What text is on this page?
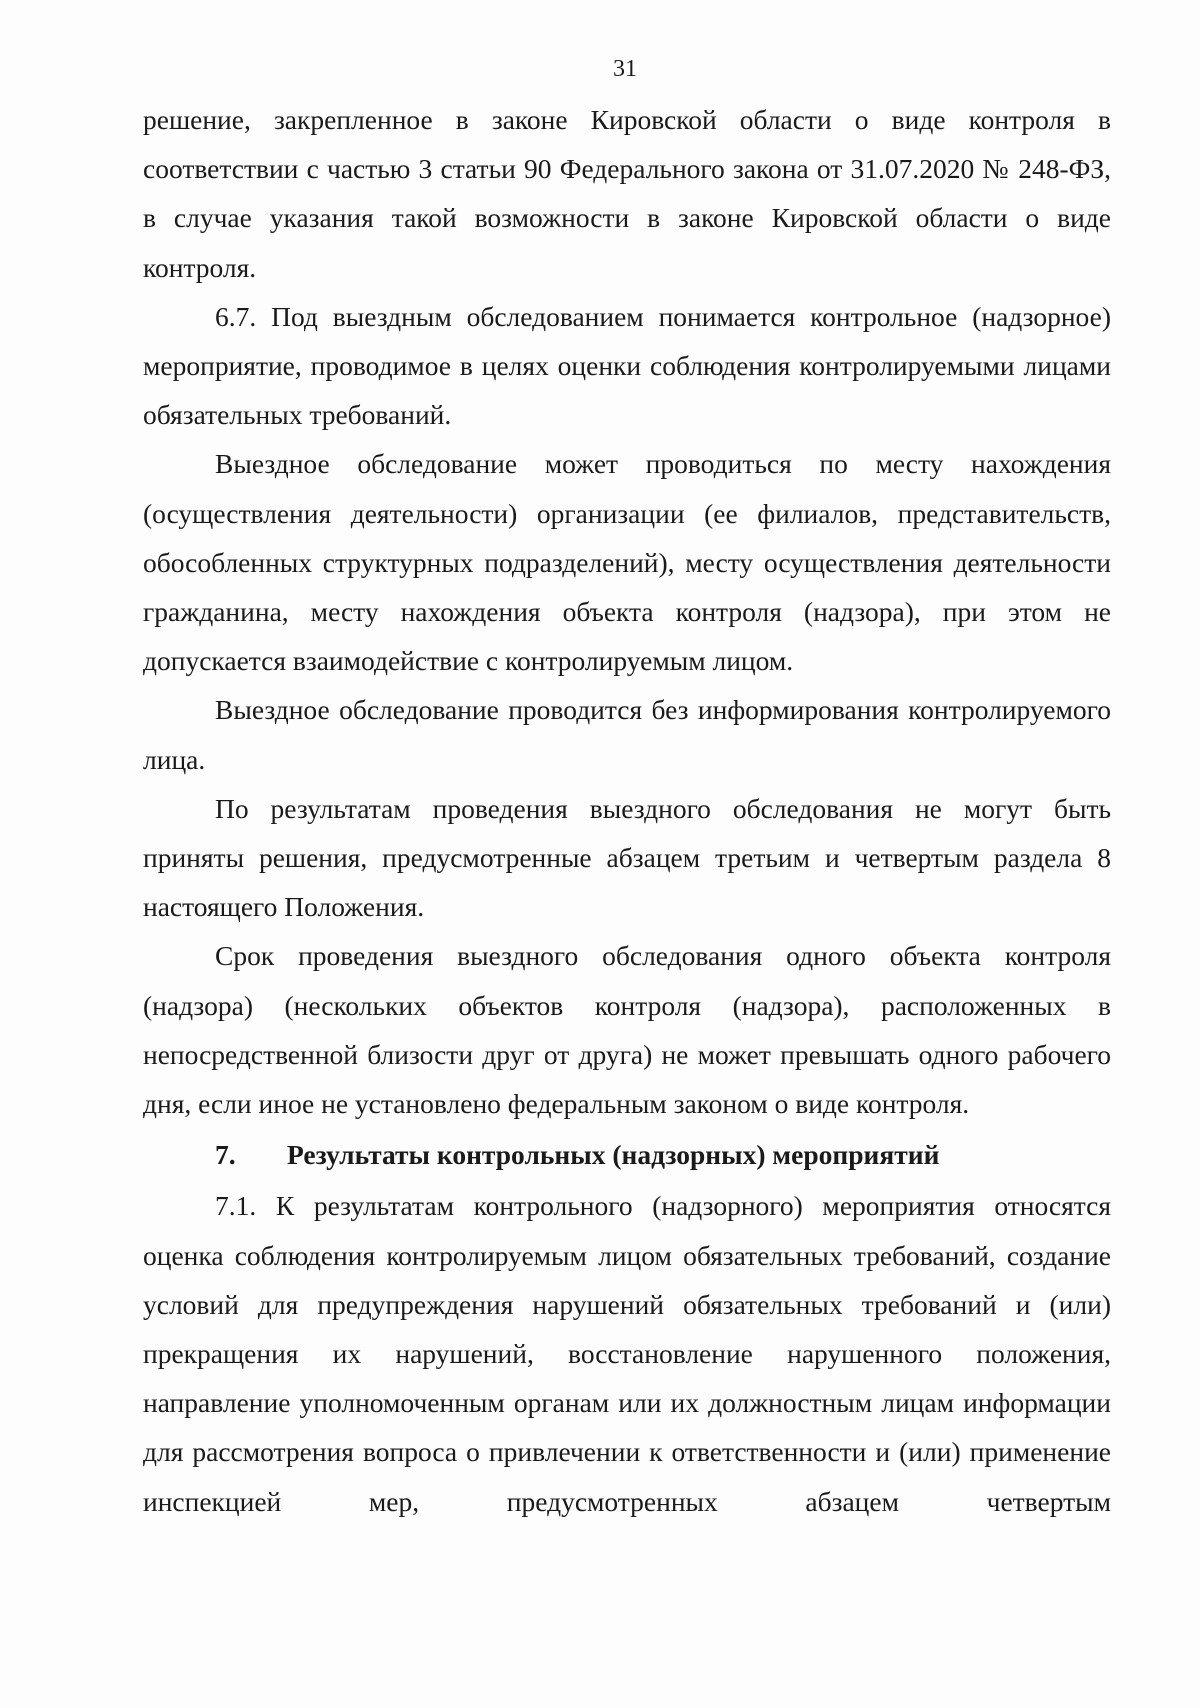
31

решение, закрепленное в законе Кировской области о виде контроля в соответствии с частью 3 статьи 90 Федерального закона от 31.07.2020 № 248-ФЗ, в случае указания такой возможности в законе Кировской области о виде контроля.

6.7. Под выездным обследованием понимается контрольное (надзорное) мероприятие, проводимое в целях оценки соблюдения контролируемыми лицами обязательных требований.

Выездное обследование может проводиться по месту нахождения (осуществления деятельности) организации (ее филиалов, представительств, обособленных структурных подразделений), месту осуществления деятельности гражданина, месту нахождения объекта контроля (надзора), при этом не допускается взаимодействие с контролируемым лицом.

Выездное обследование проводится без информирования контролируемого лица.

По результатам проведения выездного обследования не могут быть приняты решения, предусмотренные абзацем третьим и четвертым раздела 8 настоящего Положения.

Срок проведения выездного обследования одного объекта контроля (надзора) (нескольких объектов контроля (надзора), расположенных в непосредственной близости друг от друга) не может превышать одного рабочего дня, если иное не установлено федеральным законом о виде контроля.

7. Результаты контрольных (надзорных) мероприятий

7.1. К результатам контрольного (надзорного) мероприятия относятся оценка соблюдения контролируемым лицом обязательных требований, создание условий для предупреждения нарушений обязательных требований и (или) прекращения их нарушений, восстановление нарушенного положения, направление уполномоченным органам или их должностным лицам информации для рассмотрения вопроса о привлечении к ответственности и (или) применение инспекцией мер, предусмотренных абзацем четвертым
